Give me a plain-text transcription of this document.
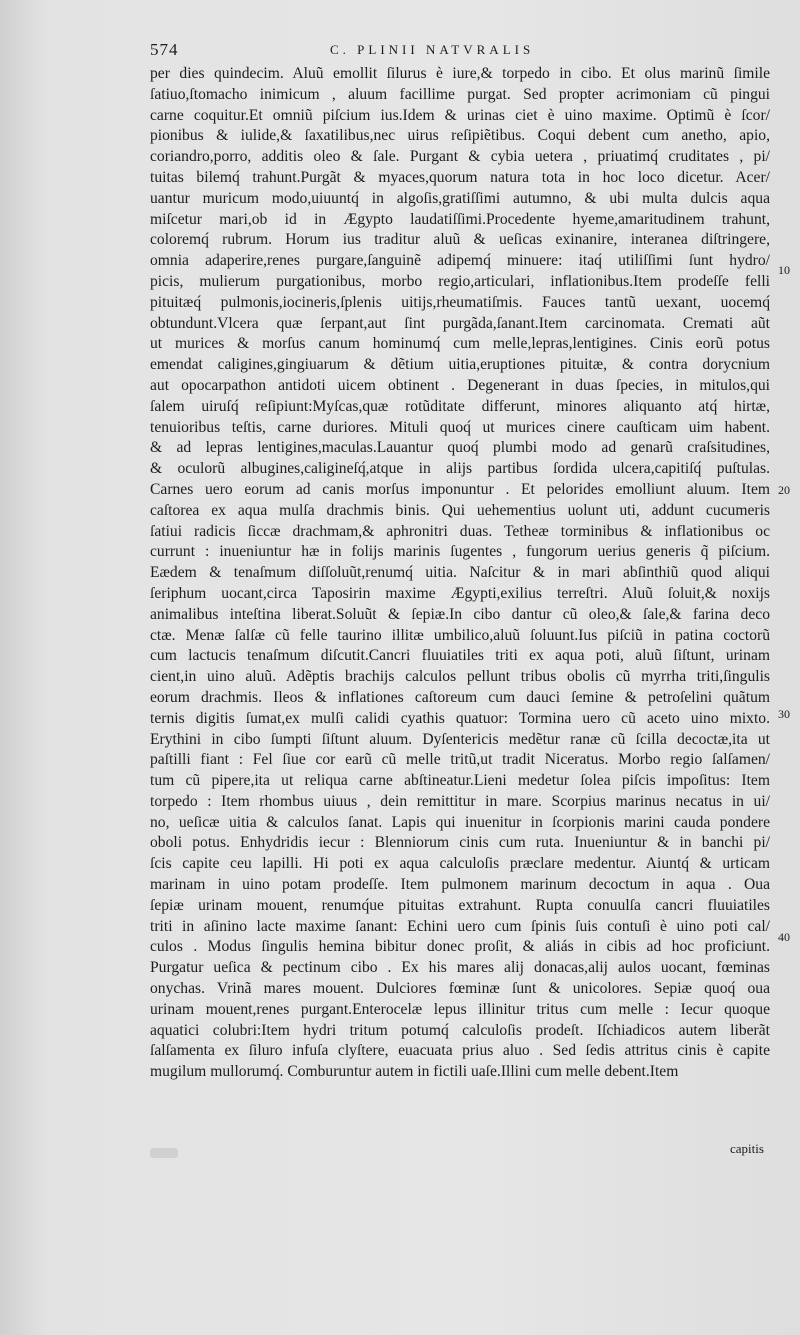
574	C. PLINII NATVRALIS
per dies quindecim. Aluũ emollit ſilurus è iure,& torpedo in cibo. Et olus marinũ ſimile
ſatiuo,ſtomacho inimicum , aluum facillime purgat. Sed propter acrimoniam cũ pingui
carne coquitur.Et omniũ piſcium ius.Idem & urinas ciet è uino maxime. Optimũ è ſcor/
pionibus & iulide,& ſaxatilibus,nec uirus reſipiẽtibus. Coqui debent cum anetho, apio,
coriandro,porro, additis oleo & ſale. Purgant & cybia uetera , priuatimq́ cruditates , pi/
tuitas bilemq́ trahunt.Purgãt & myaces,quorum natura tota in hoc loco dicetur. Acer/
uantur muricum modo,uiuuntq́ in algoſis,gratiſſimi autumno, & ubi multa dulcis aqua
miſcetur mari,ob id in Ægypto laudatiſſimi.Procedente hyeme,amaritudinem trahunt,
coloremq́ rubrum. Horum ius traditur aluũ & ueſicas exinanire, interanea diſtringere,
omnia adaperire,renes purgare,ſanguinẽ adipemq́ minuere: itaq́ utiliſſimi ſunt hydro/
picis, mulierum purgationibus, morbo regio,articulari, inflationibus.Item prodeſſe felli
pituitæq́ pulmonis,iocineris,ſplenis uitijs,rheumatiſmis. Fauces tantũ uexant, uocemq́
obtundunt.Vlcera quæ ſerpant,aut ſint purgãda,ſanant.Item carcinomata. Cremati aũt
ut murices & morſus canum hominumq́ cum melle,lepras,lentigines. Cinis eorũ potus
emendat caligines,gingiuarum & dẽtium uitia,eruptiones pituitæ, & contra dorycnium
aut opocarpathon antidoti uicem obtinent . Degenerant in duas ſpecies, in mitulos,qui
ſalem uiruſq́ reſipiunt:Myſcas,quæ rotũditate differunt, minores aliquanto atq́ hirtæ,
tenuioribus teſtis, carne duriores. Mituli quoq́ ut murices cinere cauſticam uim habent.
& ad lepras lentigines,maculas.Lauantur quoq́ plumbi modo ad genarũ craſsitudines,
& oculorũ albugines,caligineſq́,atque in alijs partibus ſordida ulcera,capitiſq́ puſtulas.
Carnes uero eorum ad canis morſus imponuntur . Et pelorides emolliunt aluum. Item
caſtorea ex aqua mulſa drachmis binis. Qui uehementius uolunt uti, addunt cucumeris
ſatiui radicis ſiccæ drachmam,& aphronitri duas. Tetheæ torminibus & inflationibus oc
currunt : inueniuntur hæ in folijs marinis ſugentes , fungorum uerius generis q̃ piſcium.
Eædem & tenaſmum diſſoluũt,renumq́ uitia. Naſcitur & in mari abſinthiũ quod aliqui
ſeriphum uocant,circa Taposirin maxime Ægypti,exilius terreſtri. Aluũ ſoluit,& noxijs
animalibus inteſtina liberat.Soluũt & ſepiæ.In cibo dantur cũ oleo,& ſale,& farina deco
ctæ. Menæ ſalſæ cũ felle taurino illitæ umbilico,aluũ ſoluunt.Ius piſciũ in patina coctorũ
cum lactucis tenaſmum diſcutit.Cancri fluuiatiles triti ex aqua poti, aluũ ſiſtunt, urinam
cient,in uino aluũ. Adẽptis brachijs calculos pellunt tribus obolis cũ myrrha triti,ſingulis
eorum drachmis. Ileos & inflationes caſtoreum cum dauci ſemine & petroſelini quãtum
ternis digitis ſumat,ex mulſi calidi cyathis quatuor: Tormina uero cũ aceto uino mixto.
Erythini in cibo ſumpti ſiſtunt aluum. Dyſentericis medẽtur ranæ cũ ſcilla decoctæ,ita ut
paſtilli fiant : Fel ſiue cor earũ cũ melle tritũ,ut tradit Niceratus. Morbo regio ſalſamen/
tum cũ pipere,ita ut reliqua carne abſtineatur.Lieni medetur ſolea piſcis impoſitus: Item
torpedo : Item rhombus uiuus , dein remittitur in mare. Scorpius marinus necatus in ui/
no, ueſicæ uitia & calculos ſanat. Lapis qui inuenitur in ſcorpionis marini cauda pondere
oboli potus. Enhydridis iecur : Blenniorum cinis cum ruta. Inueniuntur & in banchi pi/
ſcis capite ceu lapilli. Hi poti ex aqua calculoſis præclare medentur. Aiuntq́ & urticam
marinam in uino potam prodeſſe. Item pulmonem marinum decoctum in aqua . Oua
ſepiæ urinam mouent, renumq́ue pituitas extrahunt. Rupta conuulſa cancri fluuiatiles
triti in aſinino lacte maxime ſanant: Echini uero cum ſpinis ſuis contuſi è uino poti cal/
culos . Modus ſingulis hemina bibitur donec proſit, & aliás in cibis ad hoc proficiunt.
Purgatur ueſica & pectinum cibo . Ex his mares alij donacas,alij aulos uocant, fœminas
onychas. Vrinã mares mouent. Dulciores fœminæ ſunt & unicolores. Sepiæ quoq́ oua
urinam mouent,renes purgant.Enterocelæ lepus illinitur tritus cum melle : Iecur quoque
aquatici colubri:Item hydri tritum potumq́ calculoſis prodeſt. Iſchiadicos autem liberãt
ſalſamenta ex ſiluro infuſa clyſtere, euacuata prius aluo . Sed ſedis attritus cinis è capite
mugilum mullorumq́. Comburuntur autem in fictili uaſe.Illini cum melle debent.Item
10
20
30
40
capitis
